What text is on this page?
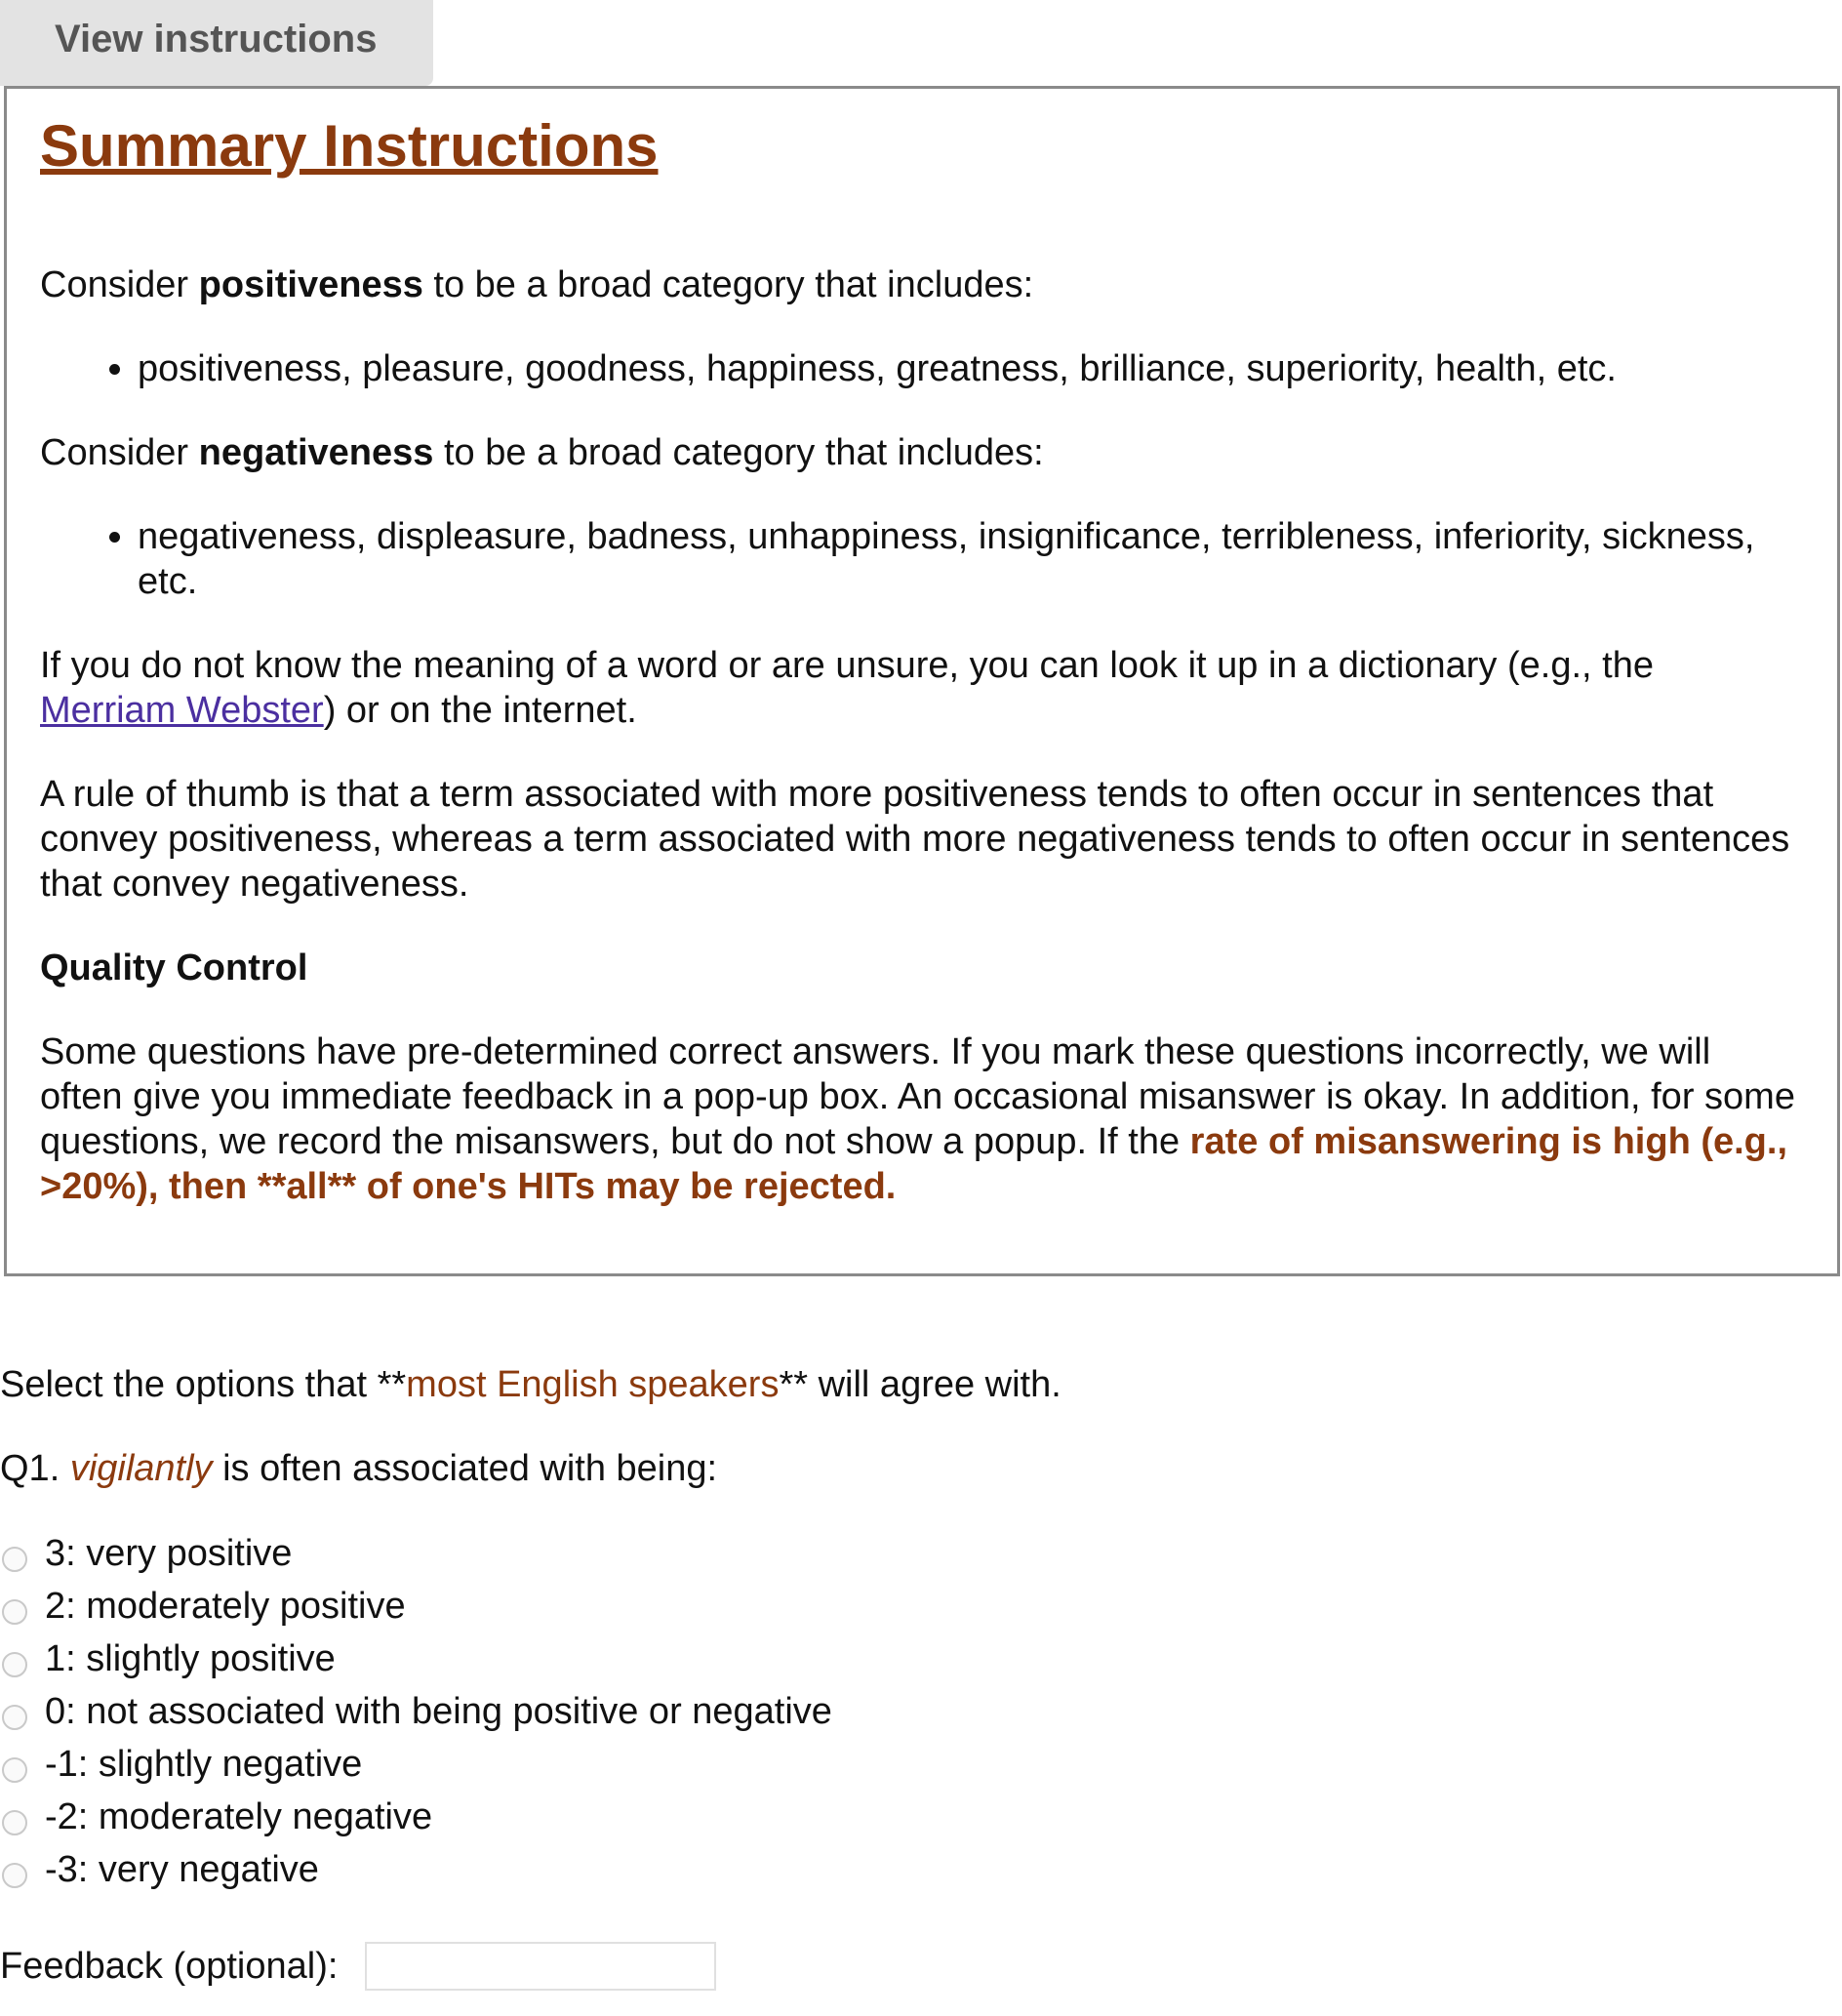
View instructions
Summary Instructions

Consider positiveness to be a broad category that includes:

• positiveness, pleasure, goodness, happiness, greatness, brilliance, superiority, health, etc.

Consider negativeness to be a broad category that includes:

• negativeness, displeasure, badness, unhappiness, insignificance, terribleness, inferiority, sickness, etc.

If you do not know the meaning of a word or are unsure, you can look it up in a dictionary (e.g., the Merriam Webster) or on the internet.

A rule of thumb is that a term associated with more positiveness tends to often occur in sentences that convey positiveness, whereas a term associated with more negativeness tends to often occur in sentences that convey negativeness.

Quality Control

Some questions have pre-determined correct answers. If you mark these questions incorrectly, we will often give you immediate feedback in a pop-up box. An occasional misanswer is okay. In addition, for some questions, we record the misanswers, but do not show a popup. If the rate of misanswering is high (e.g., >20%), then **all** of one's HITs may be rejected.

Select the options that **most English speakers** will agree with.

Q1. vigilantly is often associated with being:

3: very positive
2: moderately positive
1: slightly positive
0: not associated with being positive or negative
-1: slightly negative
-2: moderately negative
-3: very negative

Feedback (optional):
